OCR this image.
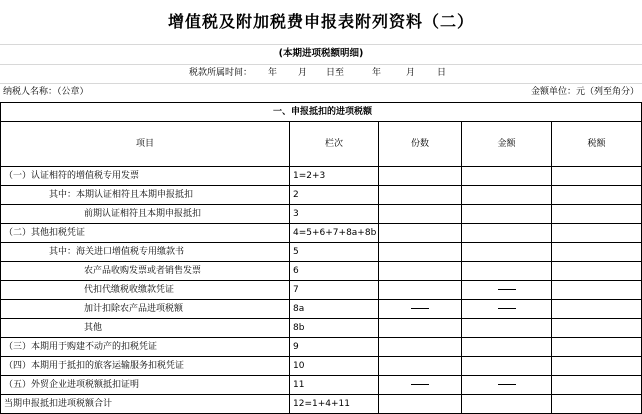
增值税及附加税费申报表附列资料（二）
(本期进项税额明细)
税款所属时间： 年 月 日至	年	月 日
纳税人名称：（公章）	金额单位：元（列至角分）
一、申报抵扣的进项税额				
项目	栏次	份数	金额	税额
（一）认证相符的增值税专用发票	1=2+3			
其中：本期认证相符且本期申报抵扣	2			
前期认证相符且本期申报抵扣	3			
（二）其他扣税凭证	4=5+6+7+8a+8b			
其中：海关进口增值税专用缴款书	5			
农产品收购发票或者销售发票	6			
代扣代缴税收缴款凭证	7			
加计扣除农产品进项税额	8a			
其他	8b			
（三）本期用于购建不动产的扣税凭证	9			
（四）本期用于抵扣的旅客运输服务扣税凭证	10			
（五）外贸企业进项税额抵扣证明	11			
当期申报抵扣进项税额合计	12=1+4+11			
